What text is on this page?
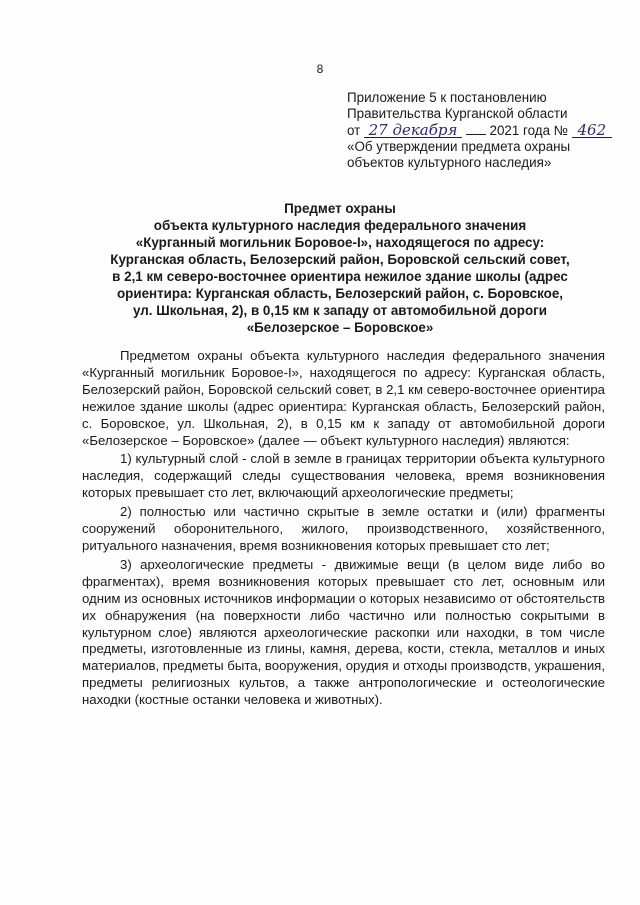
8
Приложение 5 к постановлению
Правительства Курганской области
от 27 декабря 2021 года № 462
«Об утверждении предмета охраны
объектов культурного наследия»
Предмет охраны
объекта культурного наследия федерального значения
«Курганный могильник Боровое-I», находящегося по адресу:
Курганская область, Белозерский район, Боровской сельский совет,
в 2,1 км северо-восточнее ориентира нежилое здание школы (адрес
ориентира: Курганская область, Белозерский район, с. Боровское,
ул. Школьная, 2), в 0,15 км к западу от автомобильной дороги
«Белозерское – Боровское»

Предметом охраны объекта культурного наследия федерального значения «Курганный могильник Боровое-I», находящегося по адресу: Курганская область, Белозерский район, Боровской сельский совет, в 2,1 км северо-восточнее ориентира нежилое здание школы (адрес ориентира: Курганская область, Белозерский район, с. Боровское, ул. Школьная, 2), в 0,15 км к западу от автомобильной дороги «Белозерское – Боровское» (далее — объект культурного наследия) являются:

1) культурный слой - слой в земле в границах территории объекта культурного наследия, содержащий следы существования человека, время возникновения которых превышает сто лет, включающий археологические предметы;

2) полностью или частично скрытые в земле остатки и (или) фрагменты сооружений оборонительного, жилого, производственного, хозяйственного, ритуального назначения, время возникновения которых превышает сто лет;

3) археологические предметы - движимые вещи (в целом виде либо во фрагментах), время возникновения которых превышает сто лет, основным или одним из основных источников информации о которых независимо от обстоятельств их обнаружения (на поверхности либо частично или полностью сокрытыми в культурном слое) являются археологические раскопки или находки, в том числе предметы, изготовленные из глины, камня, дерева, кости, стекла, металлов и иных материалов, предметы быта, вооружения, орудия и отходы производств, украшения, предметы религиозных культов, а также антропологические и остеологические находки (костные останки человека и животных).
